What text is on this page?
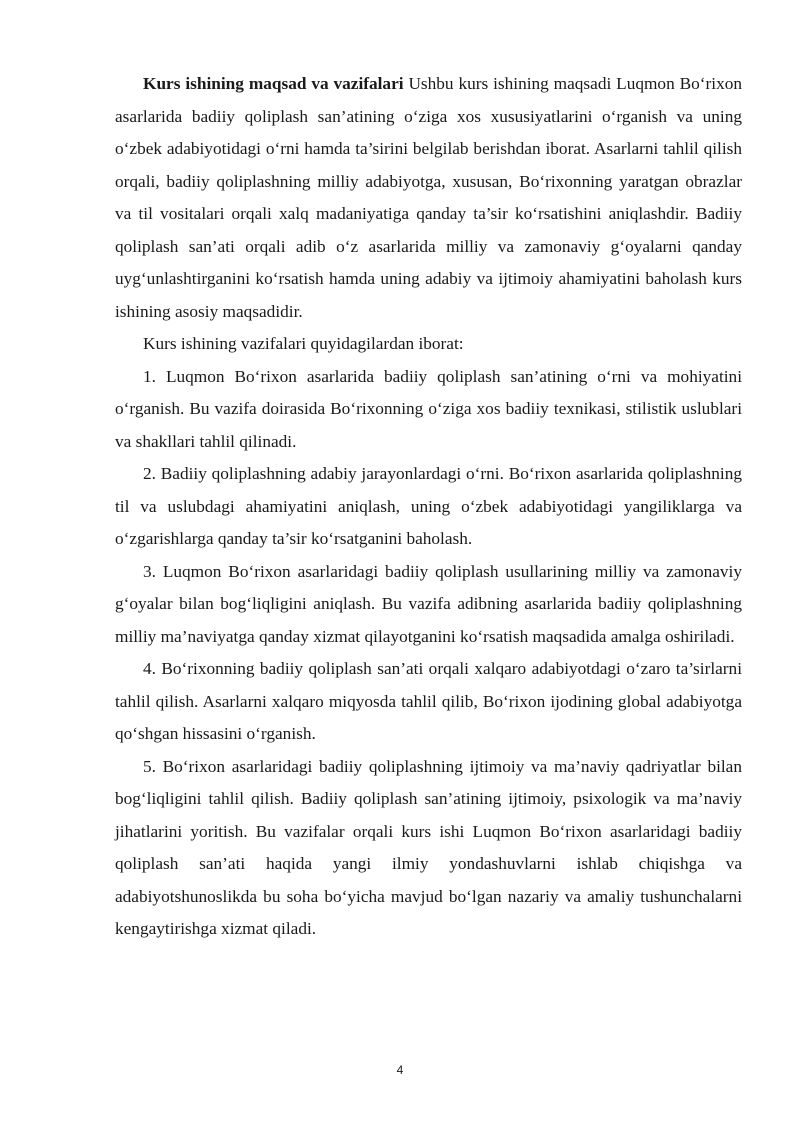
Kurs ishining maqsad va vazifalari Ushbu kurs ishining maqsadi Luqmon Bo‘rixon asarlarida badiiy qoliplash san’atining o‘ziga xos xususiyatlarini o‘rganish va uning o‘zbek adabiyotidagi o‘rni hamda ta’sirini belgilab berishdan iborat. Asarlarni tahlil qilish orqali, badiiy qoliplashning milliy adabiyotga, xususan, Bo‘rixonning yaratgan obrazlar va til vositalari orqali xalq madaniyatiga qanday ta’sir ko‘rsatishini aniqlashdir. Badiiy qoliplash san’ati orqali adib o‘z asarlarida milliy va zamonaviy g‘oyalarni qanday uyg‘unlashtirganini ko‘rsatish hamda uning adabiy va ijtimoiy ahamiyatini baholash kurs ishining asosiy maqsadidir.

Kurs ishining vazifalari quyidagilardan iborat:

1. Luqmon Bo‘rixon asarlarida badiiy qoliplash san’atining o‘rni va mohiyatini o‘rganish. Bu vazifa doirasida Bo‘rixonning o‘ziga xos badiiy texnikasi, stilistik uslublari va shakllari tahlil qilinadi.

2. Badiiy qoliplashning adabiy jarayonlardagi o‘rni. Bo‘rixon asarlarida qoliplashning til va uslubdagi ahamiyatini aniqlash, uning o‘zbek adabiyotidagi yangiliklarga va o‘zgarishlarga qanday ta’sir ko‘rsatganini baholash.

3. Luqmon Bo‘rixon asarlaridagi badiiy qoliplash usullarining milliy va zamonaviy g‘oyalar bilan bog‘liqligini aniqlash. Bu vazifa adibning asarlarida badiiy qoliplashning milliy ma’naviyatga qanday xizmat qilayotganini ko‘rsatish maqsadida amalga oshiriladi.

4. Bo‘rixonning badiiy qoliplash san’ati orqali xalqaro adabiyotdagi o‘zaro ta’sirlarni tahlil qilish. Asarlarni xalqaro miqyosda tahlil qilib, Bo‘rixon ijodining global adabiyotga qo‘shgan hissasini o‘rganish.

5. Bo‘rixon asarlaridagi badiiy qoliplashning ijtimoiy va ma’naviy qadriyatlar bilan bog‘liqligini tahlil qilish. Badiiy qoliplash san’atining ijtimoiy, psixologik va ma’naviy jihatlarini yoritish. Bu vazifalar orqali kurs ishi Luqmon Bo‘rixon asarlaridagi badiiy qoliplash san’ati haqida yangi ilmiy yondashuvlarni ishlab chiqishga va adabiyotshunoslikda bu soha bo‘yicha mavjud bo‘lgan nazariy va amaliy tushunchalarni kengaytirishga xizmat qiladi.

4
